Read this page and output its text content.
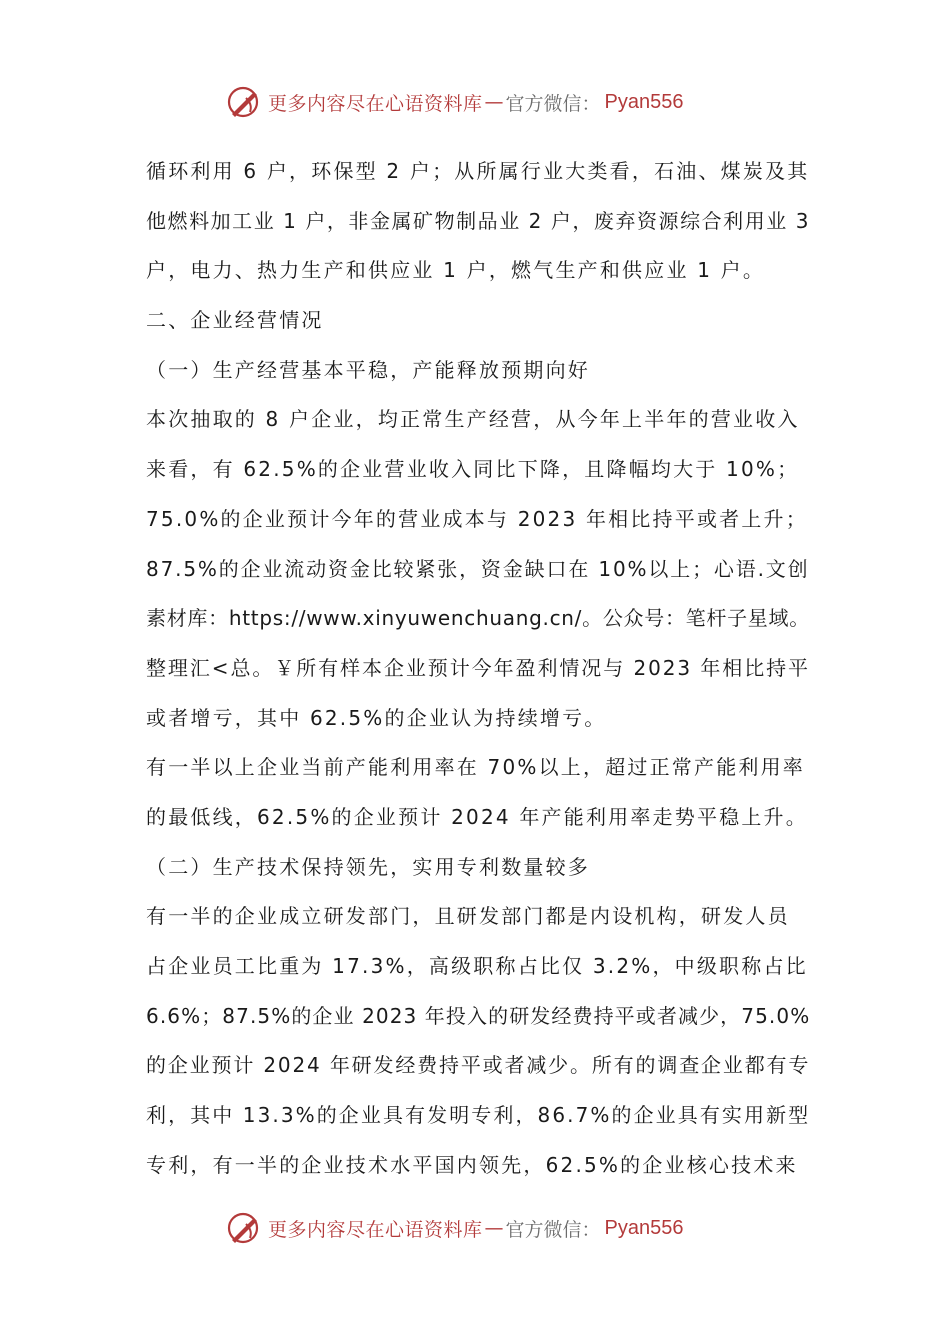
更多内容尽在心语资料库 — 官方微信： Pyan556
循环利用 6 户，环保型 2 户；从所属行业大类看，石油、煤炭及其
他燃料加工业 1 户，非金属矿物制品业 2 户，废弃资源综合利用业 3
户，电力、热力生产和供应业 1 户，燃气生产和供应业 1 户。
二、企业经营情况
（一）生产经营基本平稳，产能释放预期向好
本次抽取的 8 户企业，均正常生产经营，从今年上半年的营业收入
来看，有 62.5%的企业营业收入同比下降，且降幅均大于 10%；
75.0%的企业预计今年的营业成本与 2023 年相比持平或者上升；
87.5%的企业流动资金比较紧张，资金缺口在 10%以上；心语.文创
素材库：https://www.xinyuwenchuang.cn/。公众号：笔杆子星域。
整理汇<总。￥所有样本企业预计今年盈利情况与 2023 年相比持平
或者增亏，其中 62.5%的企业认为持续增亏。
有一半以上企业当前产能利用率在 70%以上，超过正常产能利用率
的最低线，62.5%的企业预计 2024 年产能利用率走势平稳上升。
（二）生产技术保持领先，实用专利数量较多
有一半的企业成立研发部门，且研发部门都是内设机构，研发人员
占企业员工比重为 17.3%，高级职称占比仅 3.2%，中级职称占比
6.6%；87.5%的企业 2023 年投入的研发经费持平或者减少，75.0%
的企业预计 2024 年研发经费持平或者减少。所有的调查企业都有专
利，其中 13.3%的企业具有发明专利，86.7%的企业具有实用新型
专利，有一半的企业技术水平国内领先，62.5%的企业核心技术来
更多内容尽在心语资料库 — 官方微信： Pyan556
